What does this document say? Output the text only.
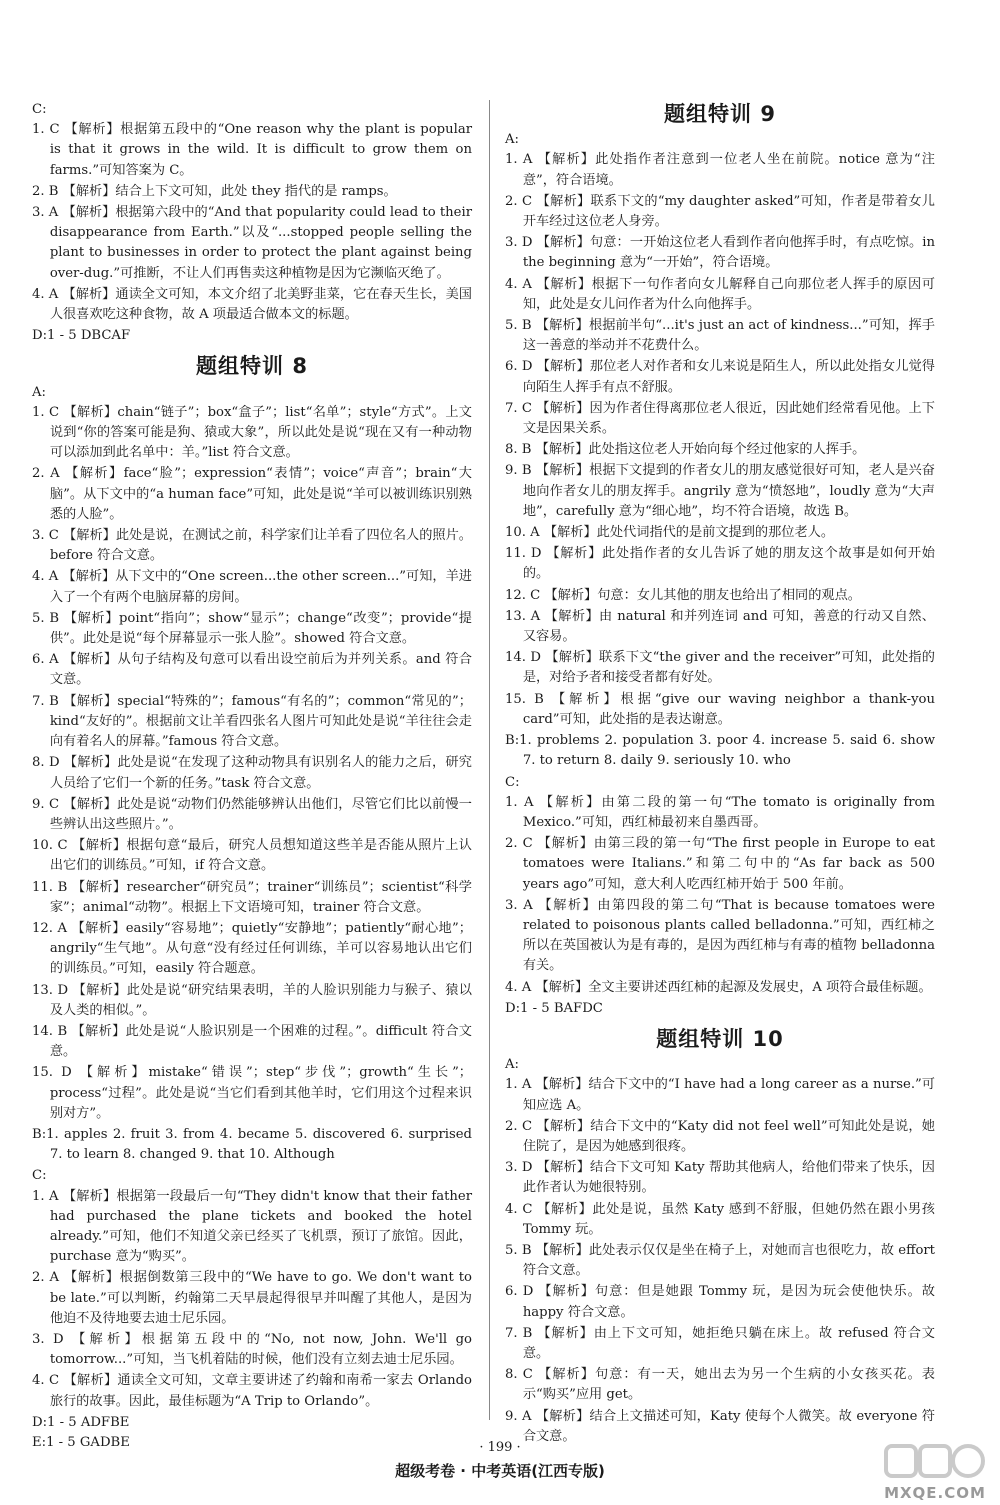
C:

1. C 【解析】根据第五段中的“One reason why the plant is popular is that it grows in the wild. It is difficult to grow them on farms.”可知答案为 C。

2. B 【解析】结合上下文可知，此处 they 指代的是 ramps。

3. A 【解析】根据第六段中的“And that popularity could lead to their disappearance from Earth.”以及“...stopped people selling the plant to businesses in order to protect the plant against being over-dug.”可推断，不让人们再售卖这种植物是因为它濒临灭绝了。

4. A 【解析】通读全文可知，本文介绍了北美野韭菜，它在春天生长，美国人很喜欢吃这种食物，故 A 项最适合做本文的标题。

D:1 - 5 DBCAF

题组特训 8

A:

1. C 【解析】chain“链子”；box“盒子”；list“名单”；style“方式”。上文说到“你的答案可能是狗、猿或大象”，所以此处是说“现在又有一种动物可以添加到此名单中：羊。”list 符合文意。

2. A 【解析】face“脸”；expression“表情”；voice“声音”；brain“大脑”。从下文中的“a human face”可知，此处是说“羊可以被训练识别熟悉的人脸”。

3. C 【解析】此处是说，在测试之前，科学家们让羊看了四位名人的照片。before 符合文意。

4. A 【解析】从下文中的“One screen...the other screen...”可知，羊进入了一个有两个电脑屏幕的房间。

5. B 【解析】point“指向”；show“显示”；change“改变”；provide“提供”。此处是说“每个屏幕显示一张人脸”。showed 符合文意。

6. A 【解析】从句子结构及句意可以看出设空前后为并列关系。and 符合文意。

7. B 【解析】special“特殊的”；famous“有名的”；common“常见的”；kind“友好的”。根据前文让羊看四张名人图片可知此处是说“羊往往会走向有着名人的屏幕。”famous 符合文意。

8. D 【解析】此处是说“在发现了这种动物具有识别名人的能力之后，研究人员给了它们一个新的任务。”task 符合文意。

9. C 【解析】此处是说“动物们仍然能够辨认出他们，尽管它们比以前慢一些辨认出这些照片。”。

10. C 【解析】根据句意“最后，研究人员想知道这些羊是否能从照片上认出它们的训练员。”可知，if 符合文意。

11. B 【解析】researcher“研究员”；trainer“训练员”；scientist“科学家”；animal“动物”。根据上下文语境可知，trainer 符合文意。

12. A 【解析】easily“容易地”；quietly“安静地”；patiently“耐心地”；angrily“生气地”。从句意“没有经过任何训练，羊可以容易地认出它们的训练员。”可知，easily 符合题意。

13. D 【解析】此处是说“研究结果表明，羊的人脸识别能力与猴子、猿以及人类的相似。”。

14. B 【解析】此处是说“人脸识别是一个困难的过程。”。difficult 符合文意。

15. D 【解析】mistake“错误”；step“步伐”；growth“生长”；process“过程”。此处是说“当它们看到其他羊时，它们用这个过程来识别对方”。

B:1. apples 2. fruit 3. from 4. became 5. discovered 6. surprised 7. to learn 8. changed 9. that 10. Although

C:

1. A 【解析】根据第一段最后一句“They didn't know that their father had purchased the plane tickets and booked the hotel already.”可知，他们不知道父亲已经买了飞机票，预订了旅馆。因此，purchase 意为“购买”。

2. A 【解析】根据倒数第三段中的“We have to go. We don't want to be late.”可以判断，约翰第二天早晨起得很早并叫醒了其他人，是因为他迫不及待地要去迪士尼乐园。

3. D 【解析】根据第五段中的“No, not now, John. We'll go tomorrow...”可知，当飞机着陆的时候，他们没有立刻去迪士尼乐园。

4. C 【解析】通读全文可知，文章主要讲述了约翰和南希一家去 Orlando 旅行的故事。因此，最佳标题为“A Trip to Orlando”。

D:1 - 5 ADFBE

E:1 - 5 GADBE

题组特训 9

A:

1. A 【解析】此处指作者注意到一位老人坐在前院。notice 意为“注意”，符合语境。

2. C 【解析】联系下文的“my daughter asked”可知，作者是带着女儿开车经过这位老人身旁。

3. D 【解析】句意：一开始这位老人看到作者向他挥手时，有点吃惊。in the beginning 意为“一开始”，符合语境。

4. A 【解析】根据下一句作者向女儿解释自己向那位老人挥手的原因可知，此处是女儿问作者为什么向他挥手。

5. B 【解析】根据前半句“...it's just an act of kindness...”可知，挥手这一善意的举动并不花费什么。

6. D 【解析】那位老人对作者和女儿来说是陌生人，所以此处指女儿觉得向陌生人挥手有点不舒服。

7. C 【解析】因为作者住得离那位老人很近，因此她们经常看见他。上下文是因果关系。

8. B 【解析】此处指这位老人开始向每个经过他家的人挥手。

9. B 【解析】根据下文提到的作者女儿的朋友感觉很好可知，老人是兴奋地向作者女儿的朋友挥手。angrily 意为“愤怒地”，loudly 意为“大声地”，carefully 意为“细心地”，均不符合语境，故选 B。

10. A 【解析】此处代词指代的是前文提到的那位老人。

11. D 【解析】此处指作者的女儿告诉了她的朋友这个故事是如何开始的。

12. C 【解析】句意：女儿其他的朋友也给出了相同的观点。

13. A 【解析】由 natural 和并列连词 and 可知，善意的行动又自然、又容易。

14. D 【解析】联系下文“the giver and the receiver”可知，此处指的是，对给予者和接受者都有好处。

15. B 【解析】根据“give our waving neighbor a thank-you card”可知，此处指的是表达谢意。

B:1. problems 2. population 3. poor 4. increase 5. said 6. show 7. to return 8. daily 9. seriously 10. who

C:

1. A 【解析】由第二段的第一句“The tomato is originally from Mexico.”可知，西红柿最初来自墨西哥。

2. C 【解析】由第三段的第一句“The first people in Europe to eat tomatoes were Italians.”和第二句中的“As far back as 500 years ago”可知，意大利人吃西红柿开始于 500 年前。

3. A 【解析】由第四段的第二句“That is because tomatoes were related to poisonous plants called belladonna.”可知，西红柿之所以在英国被认为是有毒的，是因为西红柿与有毒的植物 belladonna 有关。

4. A 【解析】全文主要讲述西红柿的起源及发展史，A 项符合最佳标题。

D:1 - 5 BAFDC

题组特训 10

A:

1. A 【解析】结合下文中的“I have had a long career as a nurse.”可知应选 A。

2. C 【解析】结合下文中的“Katy did not feel well”可知此处是说，她住院了，是因为她感到很疼。

3. D 【解析】结合下文可知 Katy 帮助其他病人，给他们带来了快乐，因此作者认为她很特别。

4. C 【解析】此处是说，虽然 Katy 感到不舒服，但她仍然在跟小男孩 Tommy 玩。

5. B 【解析】此处表示仅仅是坐在椅子上，对她而言也很吃力，故 effort 符合文意。

6. D 【解析】句意：但是她跟 Tommy 玩，是因为玩会使他快乐。故 happy 符合文意。

7. B 【解析】由上下文可知，她拒绝只躺在床上。故 refused 符合文意。

8. C 【解析】句意：有一天，她出去为另一个生病的小女孩买花。表示“购买”应用 get。

9. A 【解析】结合上文描述可知，Katy 使每个人微笑。故 everyone 符合文意。

· 199 ·
超级考卷 · 中考英语(江西专版)
MXQE.COM
